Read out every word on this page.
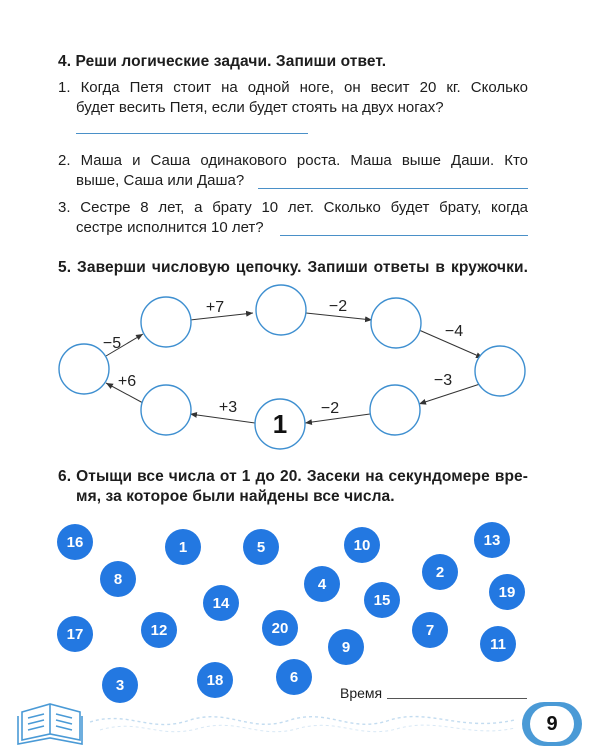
4. Реши логические задачи. Запиши ответ.
1. Когда Петя стоит на одной ноге, он весит 20 кг. Сколько
будет весить Петя, если будет стоять на двух ногах?
2. Маша и Саша одинакового роста. Маша выше Даши. Кто
выше, Саша или Даша?
3. Сестре 8 лет, а брату 10 лет. Сколько будет брату, когда
сестре исполнится 10 лет?
5. Заверши числовую цепочку. Запиши ответы в кружочки.
1
+7	−2
−4
−3
−2
+3
+6
−5
6. Отыщи все числа от 1 до 20. Засеки на секундомере вре-
мя, за которое были найдены все числа.
16	1	5	10	13
8	2
4	19
14	15
17	12	20	7
11
9
3	18	6
Время
9
